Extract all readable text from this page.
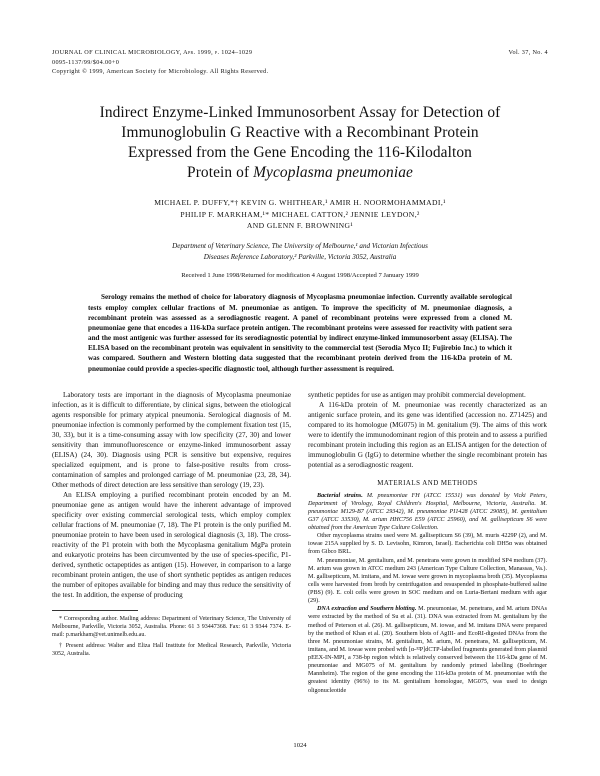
JOURNAL OF CLINICAL MICROBIOLOGY, Apr. 1999, p. 1024–1029
0095-1137/99/$04.00+0
Copyright © 1999, American Society for Microbiology. All Rights Reserved.
Vol. 37, No. 4
Indirect Enzyme-Linked Immunosorbent Assay for Detection of
Immunoglobulin G Reactive with a Recombinant Protein
Expressed from the Gene Encoding the 116-Kilodalton
Protein of Mycoplasma pneumoniae
MICHAEL P. DUFFY,*† KEVIN G. WHITHEAR,¹ AMIR H. NOORMOHAMMADI,¹
PHILIP F. MARKHAM,¹* MICHAEL CATTON,² JENNIE LEYDON,²
AND GLENN F. BROWNING¹
Department of Veterinary Science, The University of Melbourne,¹ and Victorian Infectious
Diseases Reference Laboratory,² Parkville, Victoria 3052, Australia
Received 1 June 1998/Returned for modification 4 August 1998/Accepted 7 January 1999
Serology remains the method of choice for laboratory diagnosis of Mycoplasma pneumoniae infection. Currently available serological tests employ complex cellular fractions of M. pneumoniae as antigen. To improve the specificity of M. pneumoniae diagnosis, a recombinant protein was assessed as a serodiagnostic reagent. A panel of recombinant proteins were expressed from a cloned M. pneumoniae gene that encodes a 116-kDa surface protein antigen. The recombinant proteins were assessed for reactivity with patient sera and the most antigenic was further assessed for its serodiagnostic potential by indirect enzyme-linked immunosorbent assay (ELISA). The ELISA based on the recombinant protein was equivalent in sensitivity to the commercial test (Serodia Myco II; Fujirebio Inc.) to which it was compared. Southern and Western blotting data suggested that the recombinant protein derived from the 116-kDa protein of M. pneumoniae could provide a species-specific diagnostic tool, although further assessment is required.

Laboratory tests are important in the diagnosis of Mycoplasma pneumoniae infection, as it is difficult to differentiate, by clinical signs, between the etiological agents responsible for primary atypical pneumonia. Serological diagnosis of M. pneumoniae infection is commonly performed by the complement fixation test (15, 30, 33), but it is a time-consuming assay with low specificity (27, 30) and lower sensitivity than immunofluorescence or enzyme-linked immunosorbent assay (ELISA) (24, 30). Diagnosis using PCR is sensitive but expensive, requires specialized equipment, and is prone to false-positive results from cross-contamination of samples and prolonged carriage of M. pneumoniae (23, 28, 34). Other methods of direct detection are less sensitive than serology (19, 23).

An ELISA employing a purified recombinant protein encoded by an M. pneumoniae gene as antigen would have the inherent advantage of improved specificity over existing commercial serological tests, which employ complex cellular fractions of M. pneumoniae (7, 18). The P1 protein is the only purified M. pneumoniae protein to have been used in serological diagnosis (3, 18). The cross-reactivity of the P1 protein with both the Mycoplasma genitalium MgPa protein and eukaryotic proteins has been circumvented by the use of species-specific, P1-derived, synthetic octapeptides as antigen (15). However, in comparison to a large recombinant protein antigen, the use of short synthetic peptides as antigen reduces the number of epitopes available for binding and may thus reduce the sensitivity of the test. In addition, the expense of producing

* Corresponding author. Mailing address: Department of Veterinary Science, The University of Melbourne, Parkville, Victoria 3052, Australia. Phone: 61 3 93447368. Fax: 61 3 9344 7374. E-mail: p.markham@vet.unimelb.edu.au.

† Present address: Walter and Eliza Hall Institute for Medical Research, Parkville, Victoria 3052, Australia.

synthetic peptides for use as antigen may prohibit commercial development.

A 116-kDa protein of M. pneumoniae was recently characterized as an antigenic surface protein, and its gene was identified (accession no. Z71425) and compared to its homologue (MG075) in M. genitalium (9). The aims of this work were to identify the immunodominant region of this protein and to assess a purified recombinant protein including this region as an ELISA antigen for the detection of immunoglobulin G (IgG) to determine whether the single recombinant protein has potential as a serodiagnostic reagent.

MATERIALS AND METHODS

Bacterial strains. M. pneumoniae FH (ATCC 15531) was donated by Vicki Peters, Department of Virology, Royal Children's Hospital, Melbourne, Victoria, Australia. M. pneumoniae M129-B7 (ATCC 29342), M. pneumoniae PI1428 (ATCC 29085), M. genitalium G37 (ATCC 33530), M. arium HHC756 E59 (ATCC 25960), and M. gallisepticum S6 were obtained from the American Type Culture Collection.

Other mycoplasma strains used were M. gallisepticum S6 (39), M. muris 4229P (2), and M. iowae 215A supplied by S. D. Levisohn, Kimron, Israel). Escherichia coli DH5α was obtained from Gibco BRL.

M. pneumoniae, M. genitalium, and M. penetrans were grown in modified SP4 medium (37). M. arium was grown in ATCC medium 243 (American Type Culture Collection, Manassas, Va.). M. gallisepticum, M. imitans, and M. iowae were grown in mycoplasma broth (35). Mycoplasma cells were harvested from broth by centrifugation and resuspended in phosphate-buffered saline (PBS) (9). E. coli cells were grown in SOC medium and on Luria-Bertani medium with agar (29).

DNA extraction and Southern blotting. M. pneumoniae, M. penetrans, and M. arium DNAs were extracted by the method of Su et al. (31). DNA was extracted from M. genitalium by the method of Peterson et al. (26). M. gallisepticum, M. iowae, and M. imitans DNA were prepared by the method of Khan et al. (20). Southern blots of AgIII- and EcoRI-digested DNAs from the three M. pneumoniae strains, M. genitalium, M. arium, M. penetrans, M. gallisepticum, M. imitans, and M. iowae were probed with [α-³²P]dCTP-labelled fragments generated from plasmid pEEX-IN-MPI, a 738-bp region which is relatively conserved between the 116-kDa gene of M. pneumoniae and MG075 of M. genitalium by randomly primed labelling (Boehringer Mannheim). The region of the gene encoding the 116-kDa protein of M. pneumoniae with the greatest identity (96%) to its M. genitalium homologue, MG075, was used to design oligonucleotide

1024
